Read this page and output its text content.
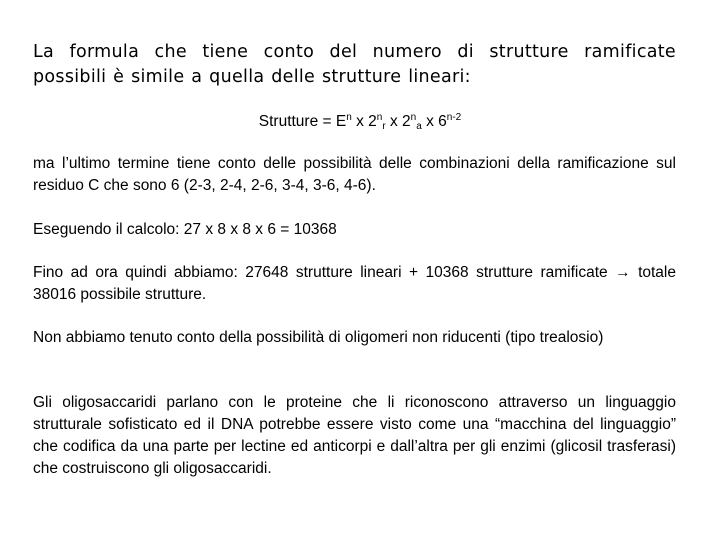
La formula che tiene conto del numero di strutture ramificate possibili è simile a quella delle strutture lineari:

Strutture = $E^n$ x $2^n_r$ x $2^n_a$ x 6$^{n-2}$

ma l’ultimo termine tiene conto delle possibilità delle combinazioni della ramificazione sul residuo C che sono 6 (2-3, 2-4, 2-6, 3-4, 3-6, 4-6).

Eseguendo il calcolo: 27 x 8 x 8 x 6 = 10368

Fino ad ora quindi abbiamo: 27648 strutture lineari + 10368 strutture ramificate → totale 38016 possibile strutture.

Non abbiamo tenuto conto della possibilità di oligomeri non riducenti (tipo trealosio)

Gli oligosaccaridi parlano con le proteine che li riconoscono attraverso un linguaggio strutturale sofisticato ed il DNA potrebbe essere visto come una “macchina del linguaggio” che codifica da una parte per lectine ed anticorpi e dall’altra per gli enzimi (glicosil trasferasi) che costruiscono gli oligosaccaridi.
